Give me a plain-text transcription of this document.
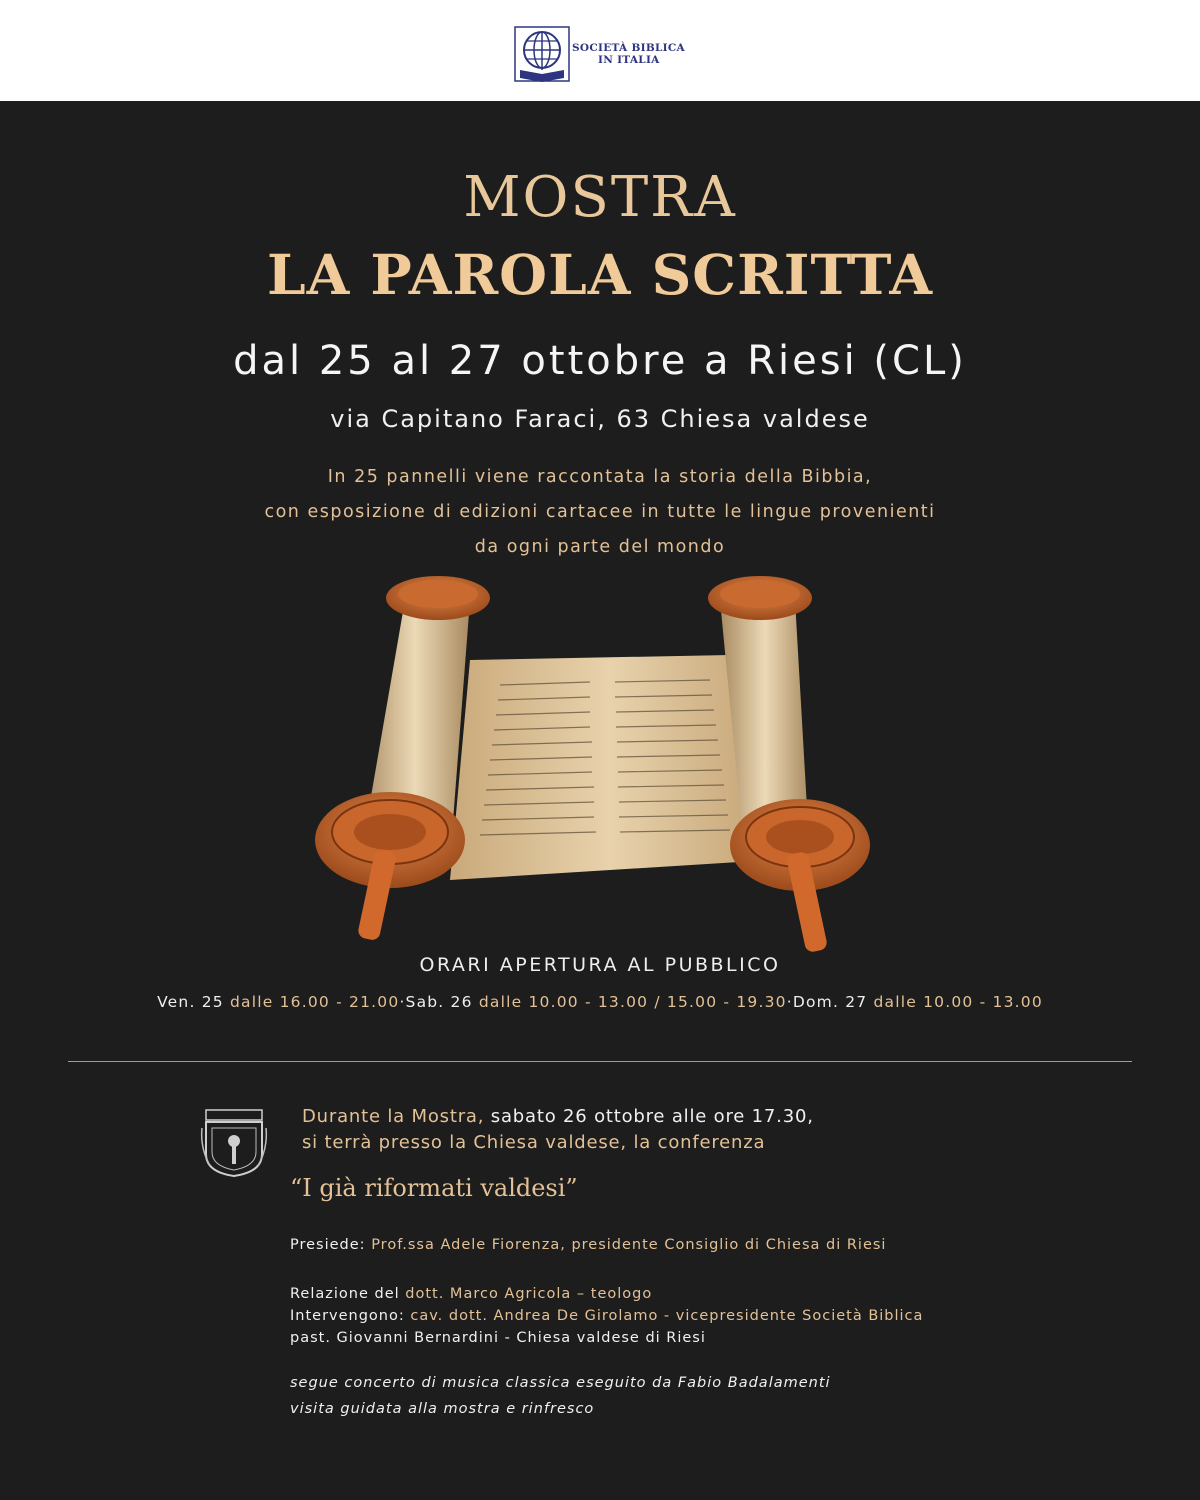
SOCIETÀ BIBLICA
IN ITALIA
MOSTRA
LA PAROLA SCRITTA
dal 25 al 27 ottobre a Riesi (CL)
via Capitano Faraci, 63 Chiesa valdese
In 25 pannelli viene raccontata la storia della Bibbia,
con esposizione di edizioni cartacee in tutte le lingue provenienti
da ogni parte del mondo
ORARI APERTURA AL PUBBLICO
Ven. 25 dalle 16.00 - 21.00·Sab. 26 dalle 10.00 - 13.00 / 15.00 - 19.30·Dom. 27 dalle 10.00 - 13.00
Durante la Mostra, sabato 26 ottobre alle ore 17.30,
si terrà presso la Chiesa valdese, la conferenza
“I già riformati valdesi”
Presiede: Prof.ssa Adele Fiorenza, presidente Consiglio di Chiesa di Riesi
Relazione del dott. Marco Agricola – teologo
Intervengono: cav. dott. Andrea De Girolamo - vicepresidente Società Biblica
past. Giovanni Bernardini - Chiesa valdese di Riesi
segue concerto di musica classica eseguito da Fabio Badalamenti
visita guidata alla mostra e rinfresco
